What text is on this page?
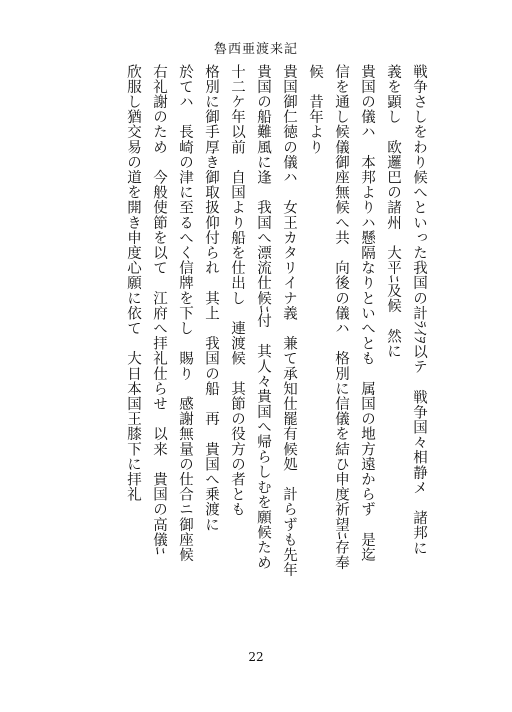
魯西亜渡来記
戦争さしをわり候へといった我国の計ﾗｲｦ以テ　戦争国々相静メ　諸邦に
義を顕し　欧邏巴の諸州　大平ﾆ及候　然に
貴国の儀ハ　本邦よりハ懸隔なりといへとも　属国の地方遠からず　是迄
信を通し候儀御座無候へ共　向後の儀ハ　格別に信儀を結ひ申度祈望ﾆ存奉
候　昔年より
貴国御仁徳の儀ハ　女王カタリイナ義　兼て承知仕罷有候処　計らずも先年
貴国の船難風に逢　我国へ漂流仕候ﾆ付　其人々貴国へ帰らしむを願候ため
十二ケ年以前　自国より船を仕出し　連渡候　其節の役方の者とも
格別に御手厚き御取扱仰付られ　其上　我国の船　再　貴国へ乗渡に
於てハ　長崎の津に至るへく信牌を下し　賜り　感謝無量の仕合ニ御座候
右礼謝のため　今般使節を以て　江府へ拝礼仕らせ　以来　貴国の高儀ﾆ
欣服し猶交易の道を開き申度心願に依て　大日本国王膝下に拝礼
22
